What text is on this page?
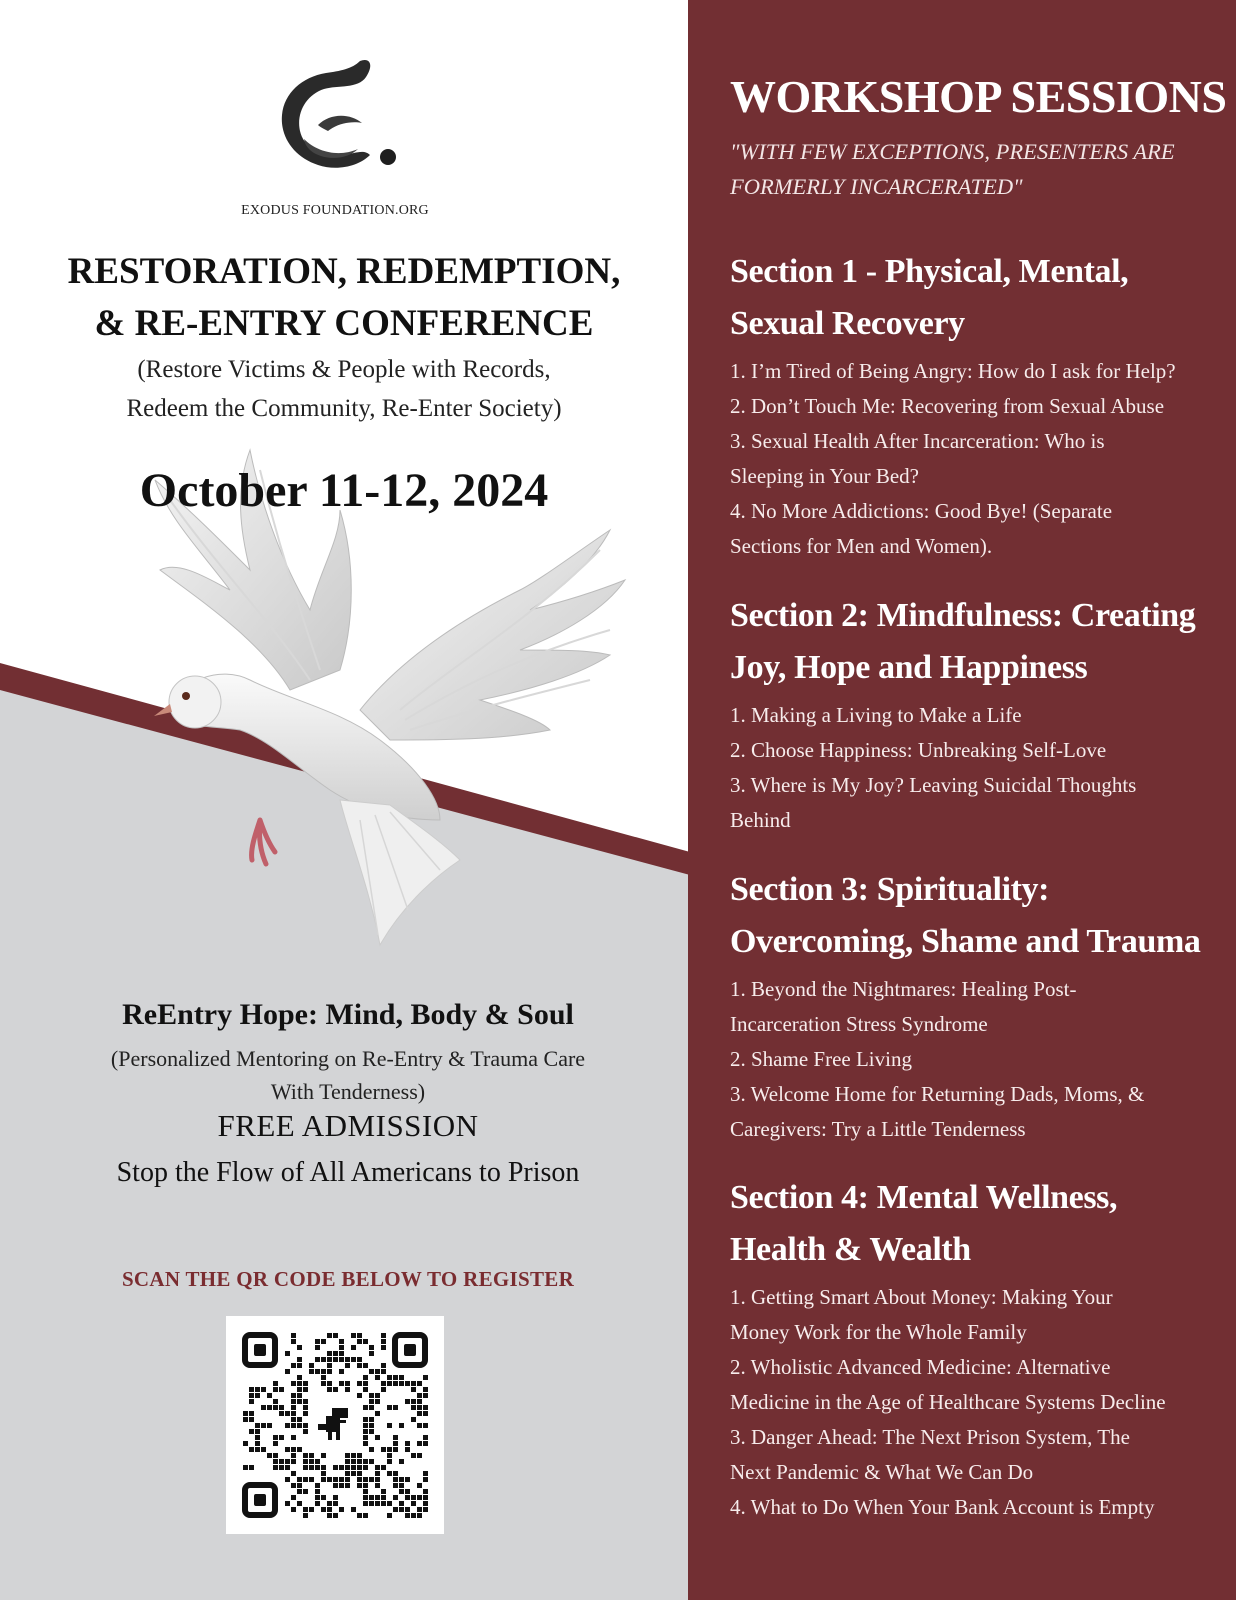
EXODUS FOUNDATION.ORG
RESTORATION, REDEMPTION,
& RE-ENTRY CONFERENCE
(Restore Victims & People with Records,
Redeem the Community, Re-Enter Society)
October 11-12, 2024
ReEntry Hope: Mind, Body & Soul
(Personalized Mentoring on Re-Entry & Trauma Care
With Tenderness)
FREE ADMISSION
Stop the Flow of All Americans to Prison
SCAN THE QR CODE BELOW TO REGISTER
WORKSHOP SESSIONS
"WITH FEW EXCEPTIONS, PRESENTERS ARE
FORMERLY INCARCERATED"
Section 1 - Physical, Mental,
Sexual Recovery
1. I’m Tired of Being Angry: How do I ask for Help?
2. Don’t Touch Me: Recovering from Sexual Abuse
3. Sexual Health After Incarceration: Who is
Sleeping in Your Bed?
4. No More Addictions: Good Bye! (Separate
Sections for Men and Women).
Section 2: Mindfulness: Creating
Joy, Hope and Happiness
1. Making a Living to Make a Life
2. Choose Happiness: Unbreaking Self-Love
3. Where is My Joy? Leaving Suicidal Thoughts
Behind
Section 3: Spirituality:
Overcoming, Shame and Trauma
1. Beyond the Nightmares: Healing Post-
Incarceration Stress Syndrome
2. Shame Free Living
3. Welcome Home for Returning Dads, Moms, &
Caregivers: Try a Little Tenderness
Section 4: Mental Wellness,
Health & Wealth
1. Getting Smart About Money: Making Your
Money Work for the Whole Family
2. Wholistic Advanced Medicine: Alternative
Medicine in the Age of Healthcare Systems Decline
3. Danger Ahead: The Next Prison System, The
Next Pandemic & What We Can Do
4. What to Do When Your Bank Account is Empty
